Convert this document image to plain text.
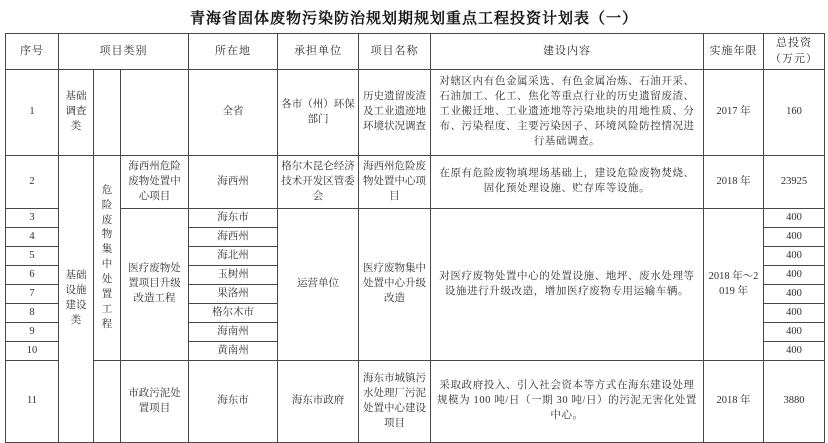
青海省固体废物污染防治规划期规划重点工程投资计划表（一）
序号	项目类别			所在地	承担单位	项目名称	建设内容	实施年限	总投资
（万元）

1	基础调查类			全省	各市（州）环保部门	历史遗留废渣及工业遗迹地环境状况调查	对辖区内有色金属采选、有色金属冶炼、石油开采、石油加工、化工、焦化等重点行业的历史遗留废渣、工业搬迁地、工业遗迹地等污染地块的用地性质、分布、污染程度、主要污染因子、环境风险防控情况进行基础调查。	2017 年	160
2	基础设施建设类	危险废物集中处置工程	海西州危险废物处置中心项目	海西州	格尔木昆仑经济技术开发区管委会	海西州危险废物处置中心项目	在原有危险废物填埋场基础上，建设危险废物焚烧、固化预处理设施、贮存库等设施。	2018 年	23925
3			医疗废物处置项目升级改造工程	海东市	运营单位	医疗废物集中处置中心升级改造	对医疗废物处置中心的处置设施、地坪、废水处理等设施进行升级改造，增加医疗废物专用运输车辆。	2018 年～2019 年	400
4				海西州					400
5				海北州					400
6				玉树州					400
7				果洛州					400
8				格尔木市					400
9				海南州					400
10				黄南州					400
11			市政污泥处置项目	海东市	海东市政府	海东市城镇污水处理厂污泥处置中心建设项目	采取政府投入、引入社会资本等方式在海东建设处理规模为 100 吨/日（一期 30 吨/日）的污泥无害化处置中心。	2018 年	3880
